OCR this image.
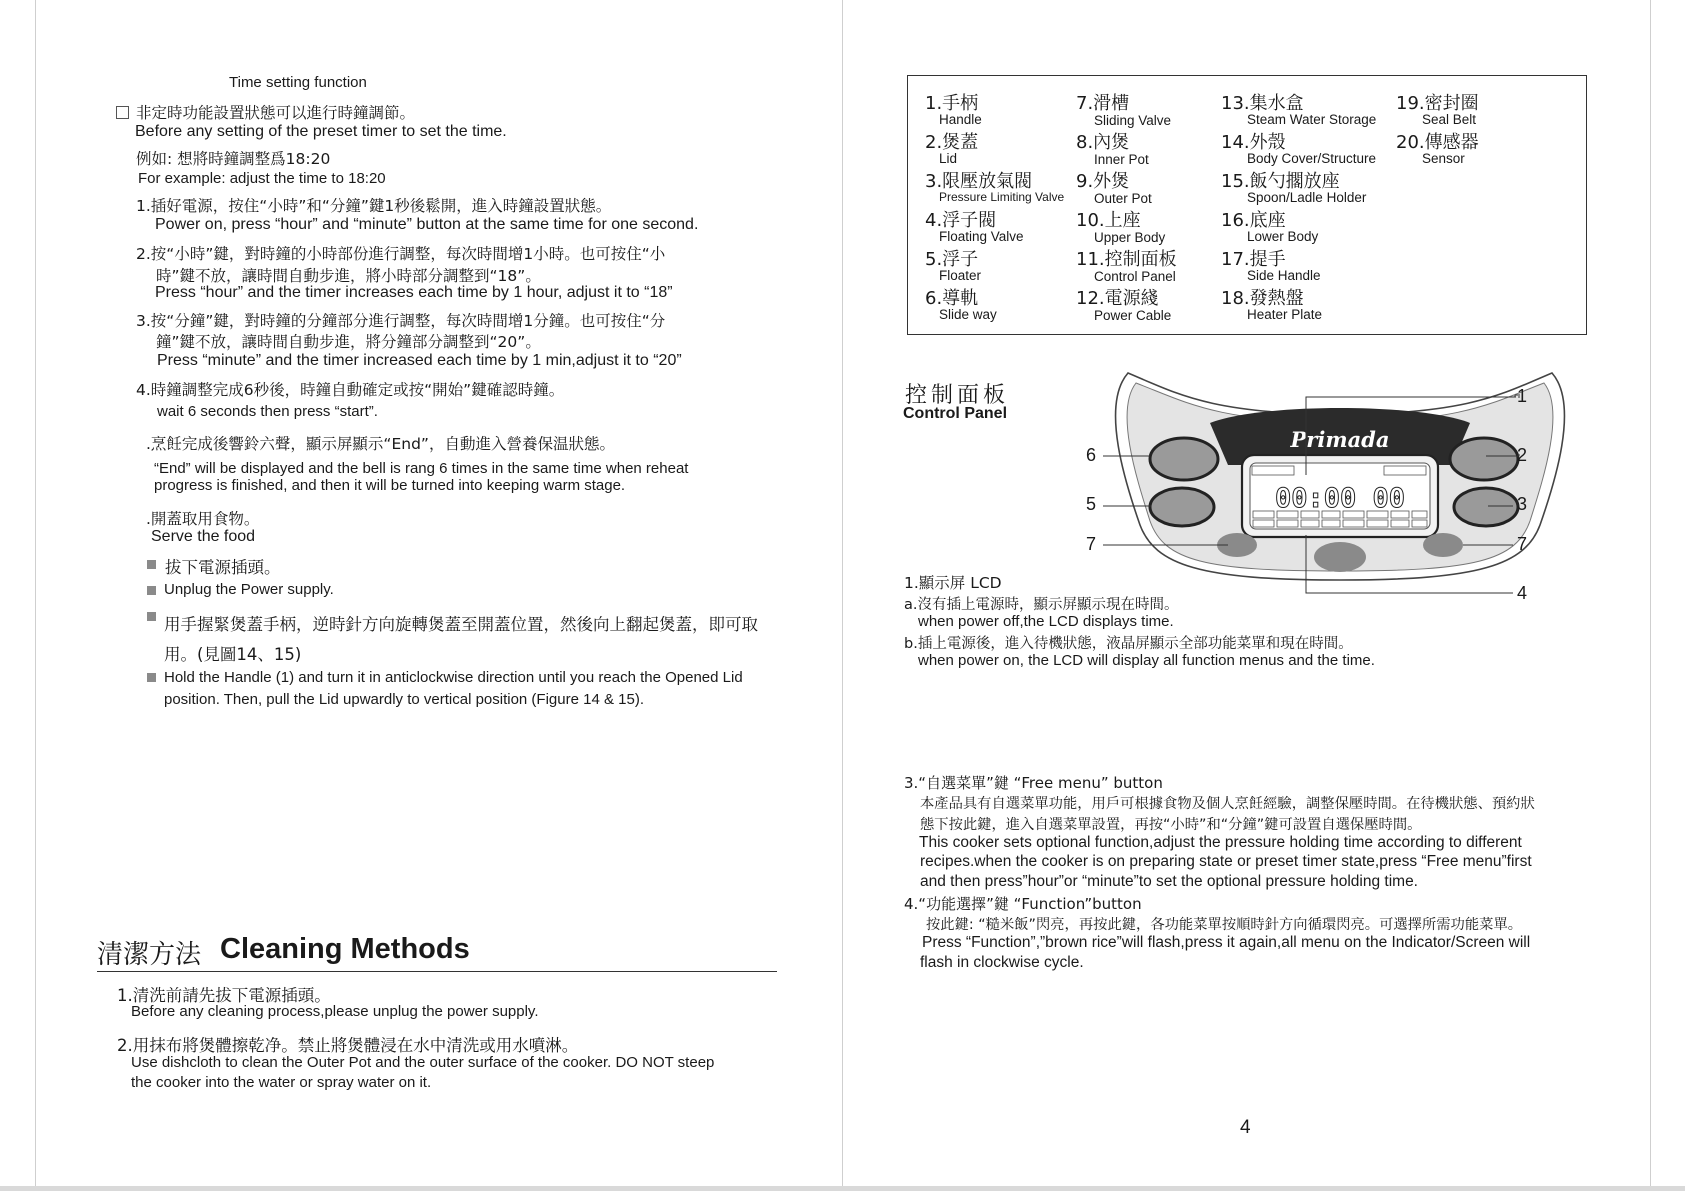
Time setting function
非定時功能設置狀態可以進行時鐘調節。
Before any setting of the preset timer to set the time.
例如: 想將時鐘調整爲18:20
For example: adjust the time to 18:20
1.插好電源，按住“小時”和“分鐘”鍵1秒後鬆開，進入時鐘設置狀態。
Power on, press “hour” and “minute” button at the same time for one second.
2.按“小時”鍵，對時鐘的小時部份進行調整，每次時間增1小時。也可按住“小
時”鍵不放，讓時間自動步進，將小時部分調整到“18”。
Press “hour” and the timer increases each time by 1 hour, adjust it to “18”
3.按“分鐘”鍵，對時鐘的分鐘部分進行調整，每次時間增1分鐘。也可按住“分
鐘”鍵不放，讓時間自動步進，將分鐘部分調整到“20”。
Press “minute” and the timer increased each time by 1 min,adjust it to “20”
4.時鐘調整完成6秒後，時鐘自動確定或按“開始”鍵確認時鐘。
wait 6 seconds then press “start”.
.烹飪完成後響鈴六聲，顯示屏顯示“End”，自動進入營養保温狀態。
“End” will be displayed and the bell is rang 6 times in the same time when reheat
progress is finished, and then it will be turned into keeping warm stage.
.開蓋取用食物。
Serve the food
拔下電源插頭。
Unplug the Power supply.
用手握緊煲蓋手柄，逆時針方向旋轉煲蓋至開蓋位置，然後向上翻起煲蓋，即可取
用。(見圖14、15)
Hold the Handle (1) and turn it in anticlockwise direction until you reach the Opened Lid
position. Then, pull the Lid upwardly to vertical position (Figure 14 & 15).
清潔方法 Cleaning Methods
1.清洗前請先拔下電源插頭。
Before any cleaning process,please unplug the power supply.
2.用抹布將煲體擦乾净。禁止將煲體浸在水中清洗或用水噴淋。
Use dishcloth to clean the Outer Pot and the outer surface of the cooker. DO NOT steep
the cooker into the water or spray water on it.
1.手柄
Handle
2.煲蓋
Lid
3.限壓放氣閥
Pressure Limiting Valve
4.浮子閥
Floating Valve
5.浮子
Floater
6.導軌
Slide way
7.滑槽
Sliding Valve
8.內煲
Inner Pot
9.外煲
Outer Pot
10.上座
Upper Body
11.控制面板
Control Panel
12.電源綫
Power Cable
13.集水盒
Steam Water Storage
14.外殼
Body Cover/Structure
15.飯勺擱放座
Spoon/Ladle Holder
16.底座
Lower Body
17.提手
Side Handle
18.發熱盤
Heater Plate
19.密封圈
Seal Belt
20.傳感器
Sensor
控制面板
Control Panel
Primada
00:00 00
1
2
3
7
4
6
5
7
1.顯示屏 LCD
a.沒有插上電源時，顯示屏顯示現在時間。
when power off,the LCD displays time.
b.插上電源後，進入待機狀態，液晶屏顯示全部功能菜單和現在時間。
when power on, the LCD will display all function menus and the time.
3.“自選菜單”鍵 “Free menu” button
本產品具有自選菜單功能，用戶可根據食物及個人烹飪經驗，調整保壓時間。在待機狀態、預約狀
態下按此鍵，進入自選菜單設置，再按“小時”和“分鐘”鍵可設置自選保壓時間。
This cooker sets optional function,adjust the pressure holding time according to different
recipes.when the cooker is on preparing state or preset timer state,press “Free menu”first
and then press”hour”or “minute”to set the optional pressure holding time.
4.“功能選擇”鍵 “Function”button
按此鍵: “糙米飯”閃亮，再按此鍵，各功能菜單按順時針方向循環閃亮。可選擇所需功能菜單。
Press “Function”,”brown rice”will flash,press it again,all menu on the Indicator/Screen will
flash in clockwise cycle.
4
